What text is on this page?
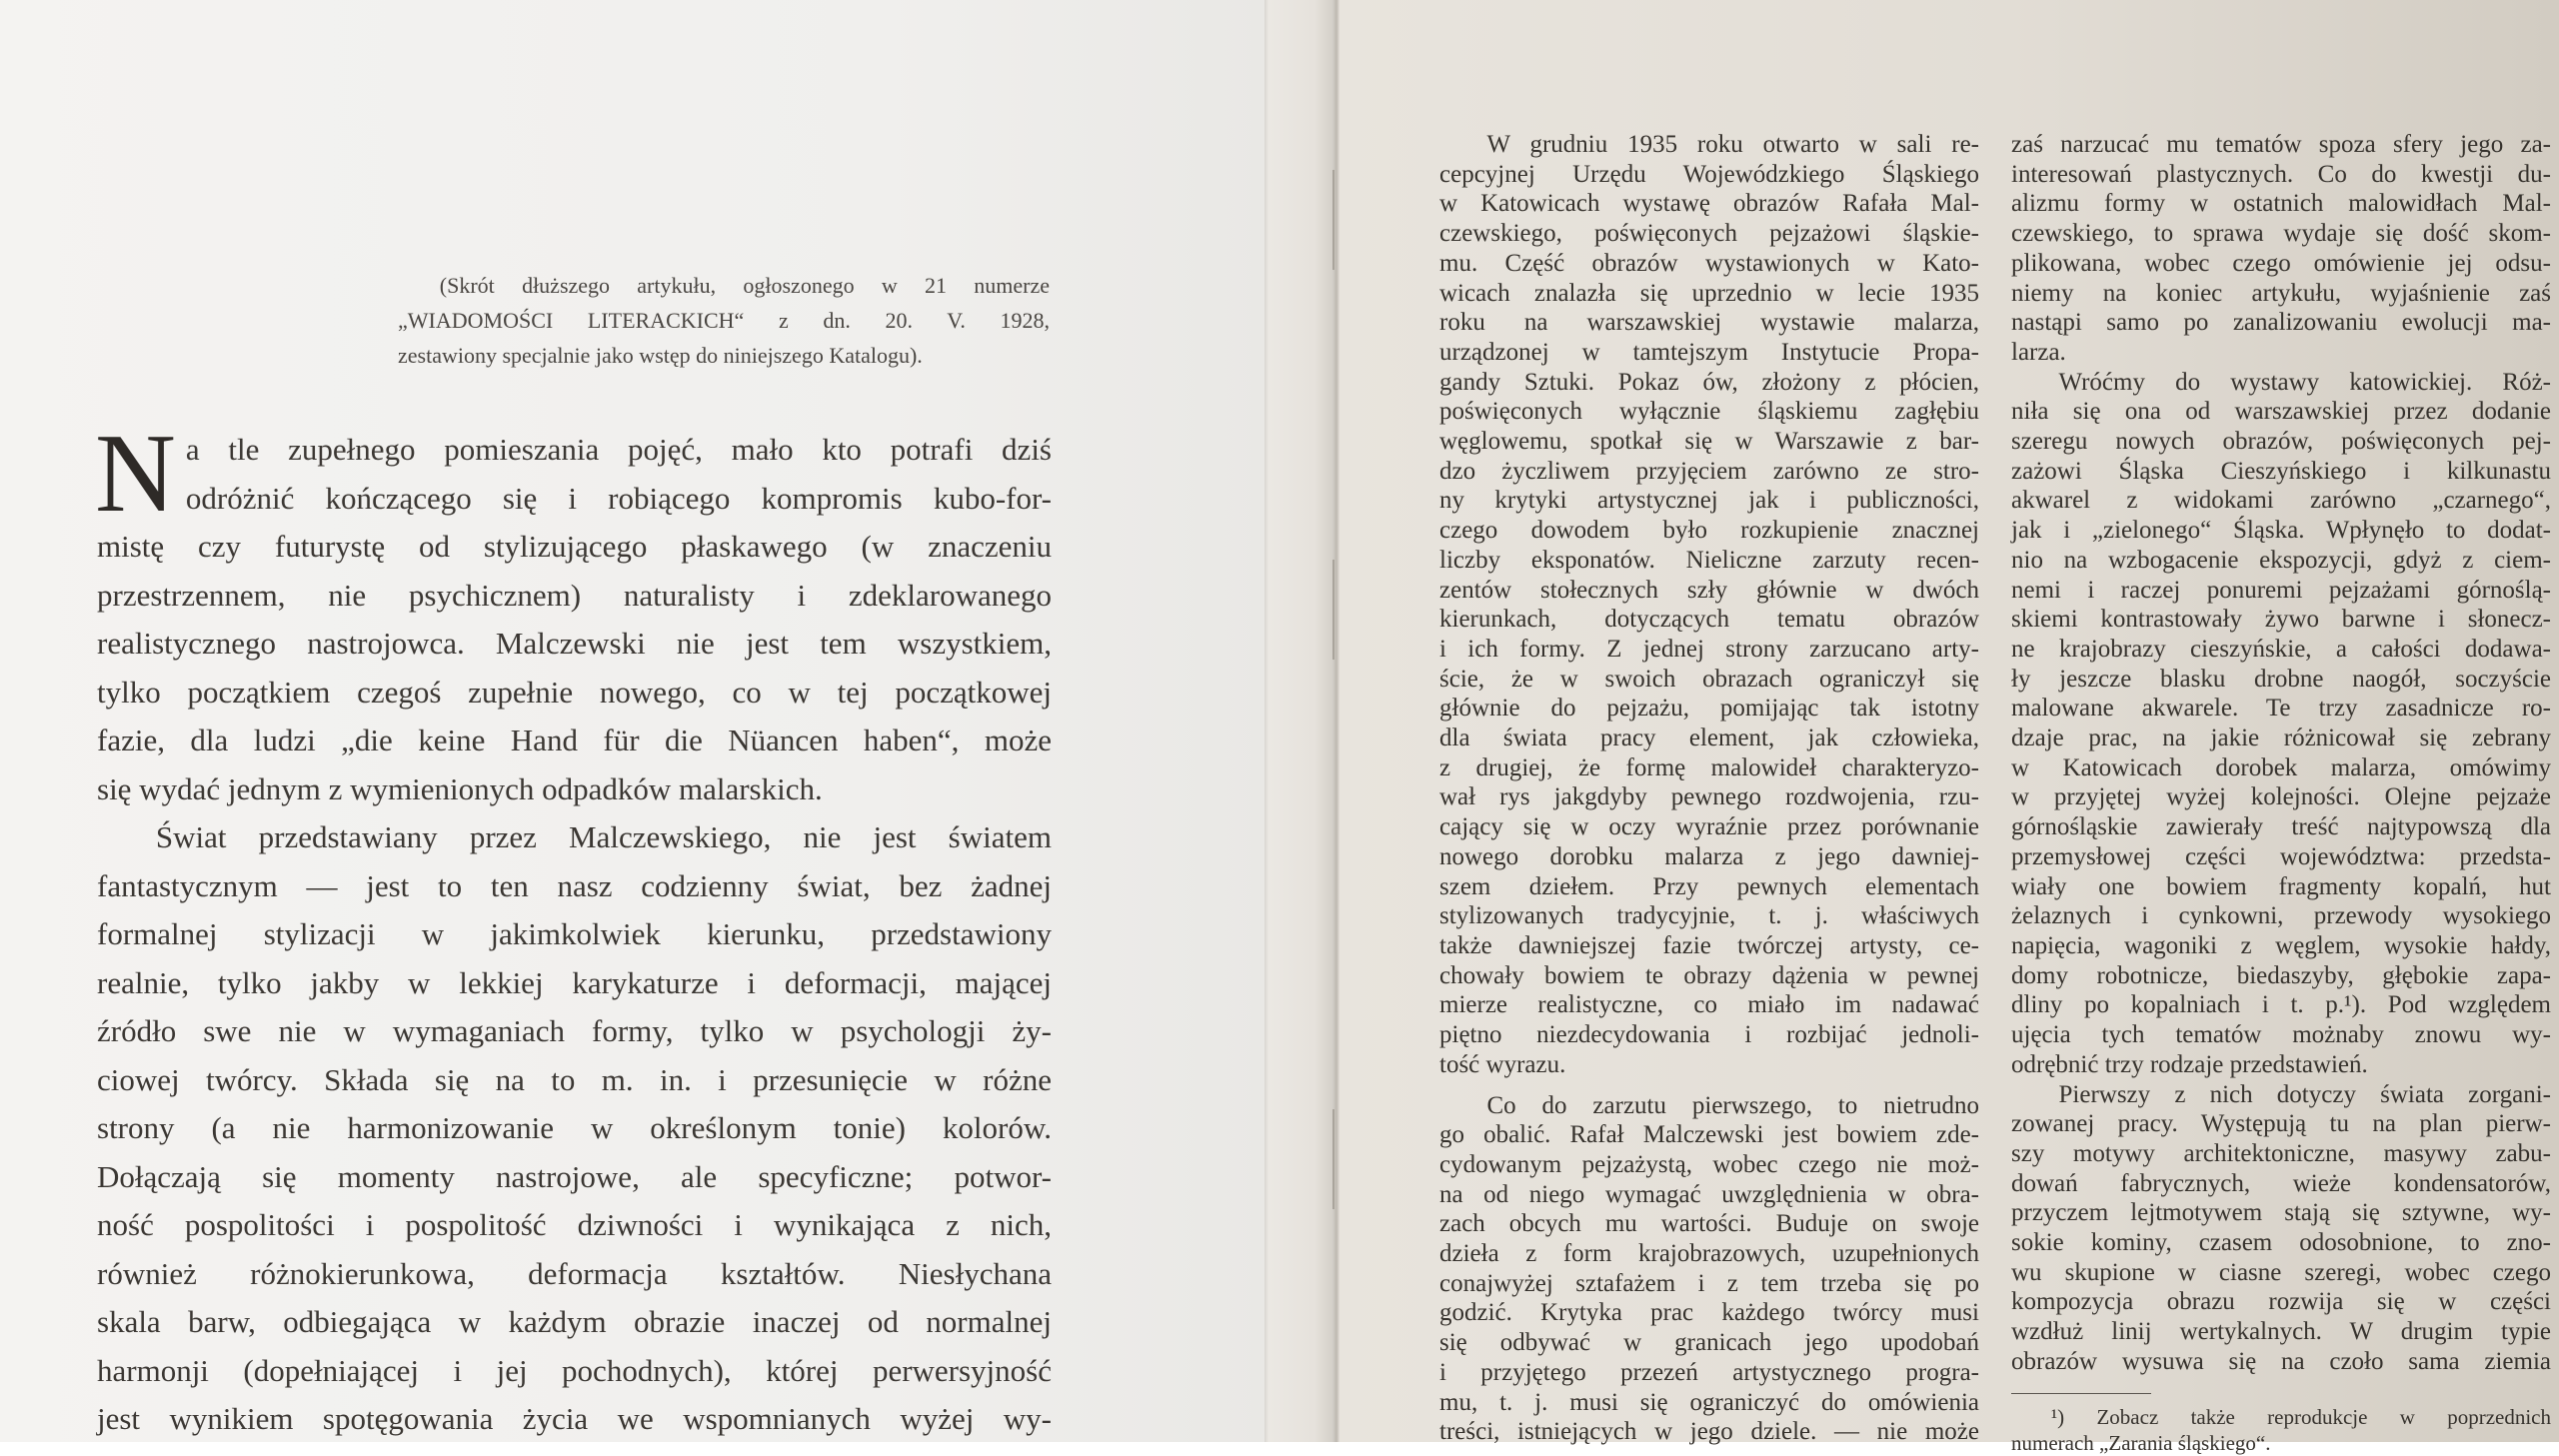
(Skrót dłuższego artykułu, ogłoszonego w 21 numerze
„WIADOMOŚCI LITERACKICH“ z dn. 20. V. 1928,
zestawiony specjalnie jako wstęp do niniejszego Katalogu).
N a tle zupełnego pomieszania pojęć, mało kto potrafi dziś
odróżnić kończącego się i robiącego kompromis kubo-for-
mistę czy futurystę od stylizującego płaskawego (w znaczeniu
przestrzennem, nie psychicznem) naturalisty i zdeklarowanego
realistycznego nastrojowca. Malczewski nie jest tem wszystkiem,
tylko początkiem czegoś zupełnie nowego, co w tej początkowej
fazie, dla ludzi „die keine Hand für die Nüancen haben“, może
się wydać jednym z wymienionych odpadków malarskich.
Świat przedstawiany przez Malczewskiego, nie jest światem
fantastycznym — jest to ten nasz codzienny świat, bez żadnej
formalnej stylizacji w jakimkolwiek kierunku, przedstawiony
realnie, tylko jakby w lekkiej karykaturze i deformacji, mającej
źródło swe nie w wymaganiach formy, tylko w psychologji ży-
ciowej twórcy. Składa się na to m. in. i przesunięcie w różne
strony (a nie harmonizowanie w określonym tonie) kolorów.
Dołączają się momenty nastrojowe, ale specyficzne; potwor-
ność pospolitości i pospolitość dziwności i wynikająca z nich,
również różnokierunkowa, deformacja kształtów. Niesłychana
skala barw, odbiegająca w każdym obrazie inaczej od normalnej
harmonji (dopełniającej i jej pochodnych), której perwersyjność
jest wynikiem spotęgowania życia we wspomnianych wyżej wy-
W grudniu 1935 roku otwarto w sali re-
cepcyjnej Urzędu Wojewódzkiego Śląskiego
w Katowicach wystawę obrazów Rafała Mal-
czewskiego, poświęconych pejzażowi śląskie-
mu. Część obrazów wystawionych w Kato-
wicach znalazła się uprzednio w lecie 1935
roku na warszawskiej wystawie malarza,
urządzonej w tamtejszym Instytucie Propa-
gandy Sztuki. Pokaz ów, złożony z płócien,
poświęconych wyłącznie śląskiemu zagłębiu
węglowemu, spotkał się w Warszawie z bar-
dzo życzliwem przyjęciem zarówno ze stro-
ny krytyki artystycznej jak i publiczności,
czego dowodem było rozkupienie znacznej
liczby eksponatów. Nieliczne zarzuty recen-
zentów stołecznych szły głównie w dwóch
kierunkach, dotyczących tematu obrazów
i ich formy. Z jednej strony zarzucano arty-
ście, że w swoich obrazach ograniczył się
głównie do pejzażu, pomijając tak istotny
dla świata pracy element, jak człowieka,
z drugiej, że formę malowideł charakteryzo-
wał rys jakgdyby pewnego rozdwojenia, rzu-
cający się w oczy wyraźnie przez porównanie
nowego dorobku malarza z jego dawniej-
szem dziełem. Przy pewnych elementach
stylizowanych tradycyjnie, t. j. właściwych
także dawniejszej fazie twórczej artysty, ce-
chowały bowiem te obrazy dążenia w pewnej
mierze realistyczne, co miało im nadawać
piętno niezdecydowania i rozbijać jednoli-
tość wyrazu.
Co do zarzutu pierwszego, to nietrudno
go obalić. Rafał Malczewski jest bowiem zde-
cydowanym pejzażystą, wobec czego nie moż-
na od niego wymagać uwzględnienia w obra-
zach obcych mu wartości. Buduje on swoje
dzieła z form krajobrazowych, uzupełnionych
conajwyżej sztafażem i z tem trzeba się po
godzić. Krytyka prac każdego twórcy musi
się odbywać w granicach jego upodobań
i przyjętego przezeń artystycznego progra-
mu, t. j. musi się ograniczyć do omówienia
treści, istniejących w jego dziele. — nie może
zaś narzucać mu tematów spoza sfery jego za-
interesowań plastycznych. Co do kwestji du-
alizmu formy w ostatnich malowidłach Mal-
czewskiego, to sprawa wydaje się dość skom-
plikowana, wobec czego omówienie jej odsu-
niemy na koniec artykułu, wyjaśnienie zaś
nastąpi samo po zanalizowaniu ewolucji ma-
larza.
Wróćmy do wystawy katowickiej. Róż-
niła się ona od warszawskiej przez dodanie
szeregu nowych obrazów, poświęconych pej-
zażowi Śląska Cieszyńskiego i kilkunastu
akwarel z widokami zarówno „czarnego“,
jak i „zielonego“ Śląska. Wpłynęło to dodat-
nio na wzbogacenie ekspozycji, gdyż z ciem-
nemi i raczej ponuremi pejzażami górnoślą-
skiemi kontrastowały żywo barwne i słonecz-
ne krajobrazy cieszyńskie, a całości dodawa-
ły jeszcze blasku drobne naogół, soczyście
malowane akwarele. Te trzy zasadnicze ro-
dzaje prac, na jakie różnicował się zebrany
w Katowicach dorobek malarza, omówimy
w przyjętej wyżej kolejności. Olejne pejzaże
górnośląskie zawierały treść najtypowszą dla
przemysłowej części województwa: przedsta-
wiały one bowiem fragmenty kopalń, hut
żelaznych i cynkowni, przewody wysokiego
napięcia, wagoniki z węglem, wysokie hałdy,
domy robotnicze, biedaszyby, głębokie zapa-
dliny po kopalniach i t. p.¹). Pod względem
ujęcia tych tematów możnaby znowu wy-
odrębnić trzy rodzaje przedstawień.
Pierwszy z nich dotyczy świata zorgani-
zowanej pracy. Występują tu na plan pierw-
szy motywy architektoniczne, masywy zabu-
dowań fabrycznych, wieże kondensatorów,
przyczem lejtmotywem stają się sztywne, wy-
sokie kominy, czasem odosobnione, to zno-
wu skupione w ciasne szeregi, wobec czego
kompozycja obrazu rozwija się w części
wzdłuż linij wertykalnych. W drugim typie
obrazów wysuwa się na czoło sama ziemia
¹) Zobacz także reprodukcje w poprzednich
numerach „Zarania śląskiego“.
